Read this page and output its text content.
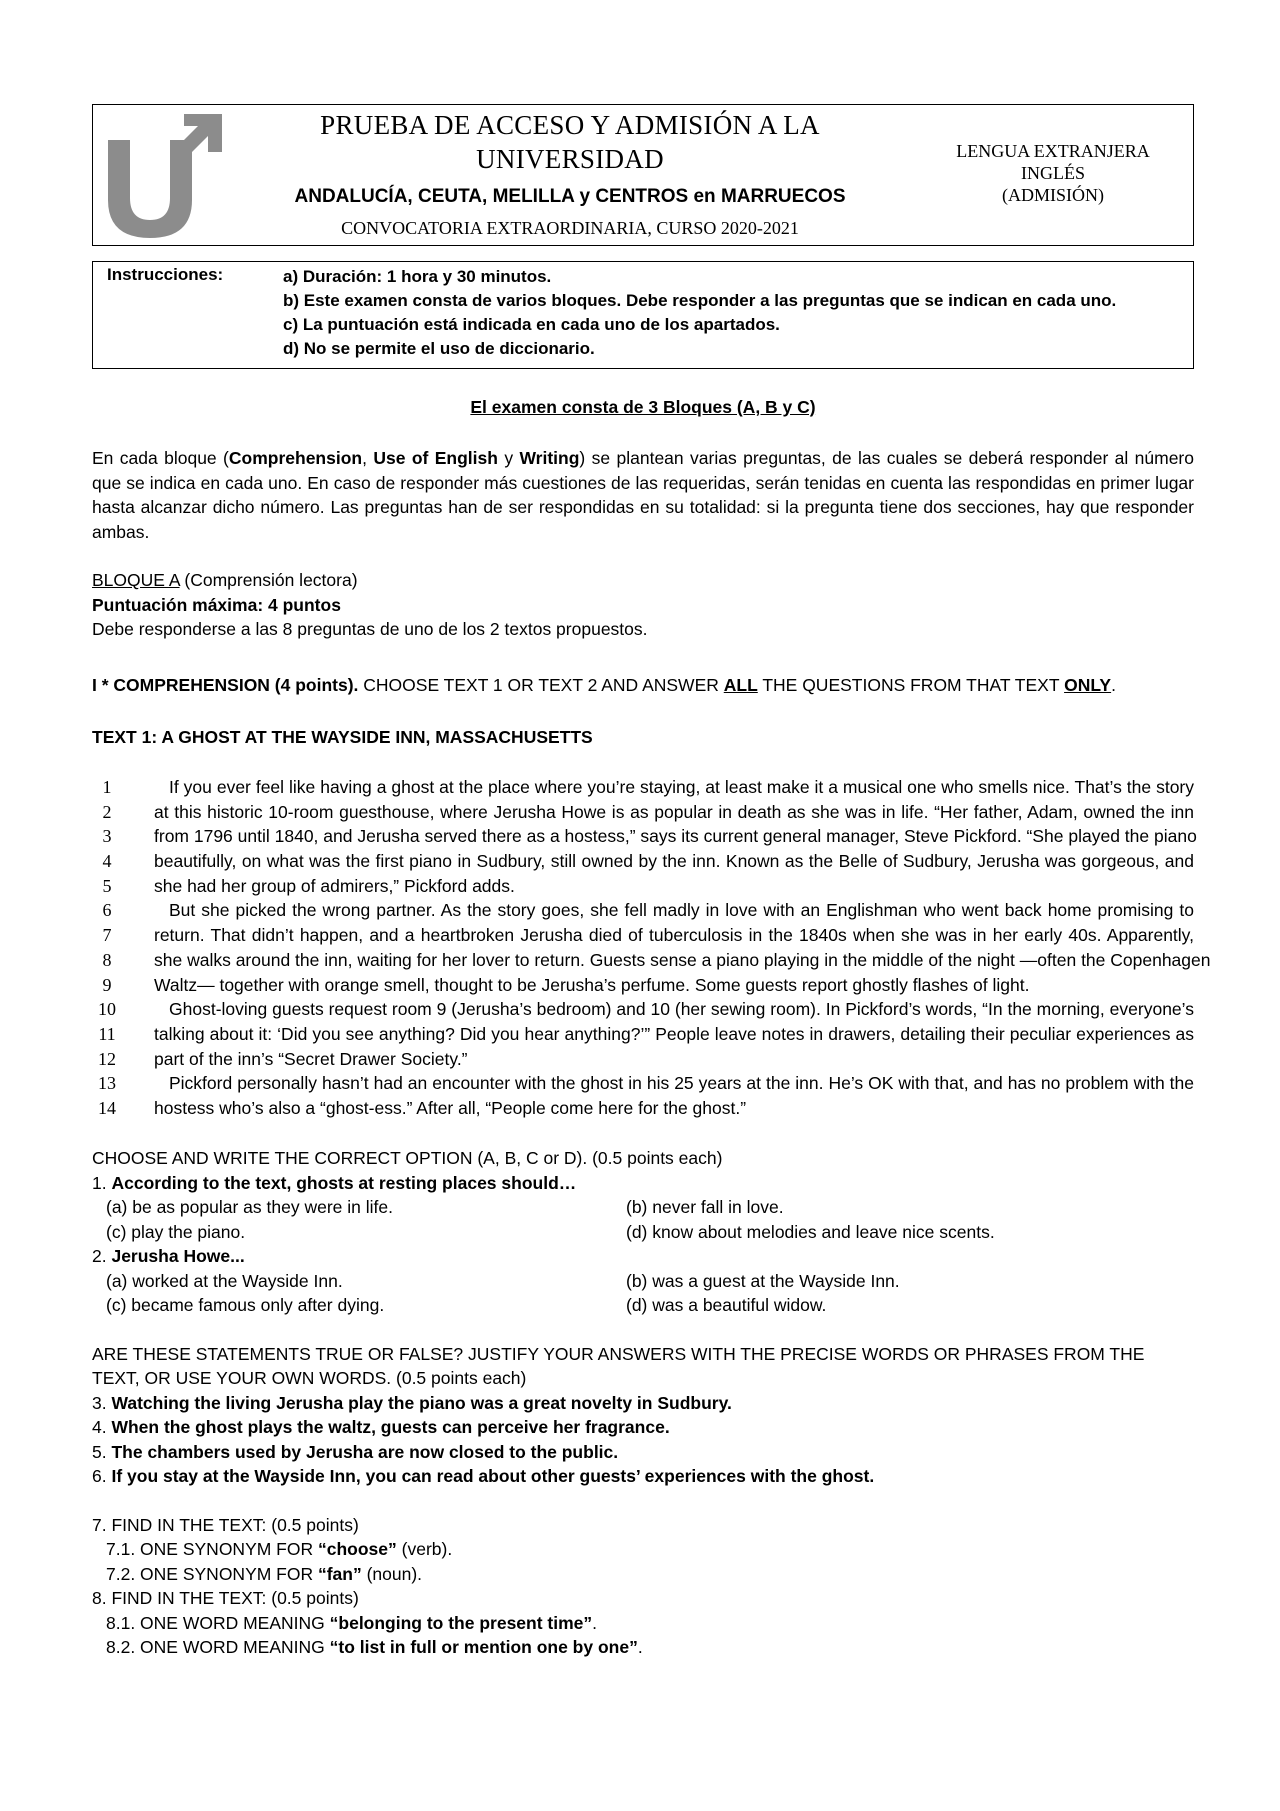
PRUEBA DE ACCESO Y ADMISIÓN A LA
UNIVERSIDAD
ANDALUCÍA, CEUTA, MELILLA y CENTROS en MARRUECOS
CONVOCATORIA EXTRAORDINARIA, CURSO 2020-2021
LENGUA EXTRANJERA
INGLÉS
(ADMISIÓN)
Instrucciones:	a) Duración: 1 hora y 30 minutos.
b) Este examen consta de varios bloques. Debe responder a las preguntas que se indican en cada uno.
c) La puntuación está indicada en cada uno de los apartados.
d) No se permite el uso de diccionario.
El examen consta de 3 Bloques (A, B y C)
En cada bloque (Comprehension, Use of English y Writing) se plantean varias preguntas, de las cuales se deberá responder al número que se indica en cada uno. En caso de responder más cuestiones de las requeridas, serán tenidas en cuenta las respondidas en primer lugar hasta alcanzar dicho número. Las preguntas han de ser respondidas en su totalidad: si la pregunta tiene dos secciones, hay que responder ambas.
BLOQUE A (Comprensión lectora)
Puntuación máxima: 4 puntos
Debe responderse a las 8 preguntas de uno de los 2 textos propuestos.
I * COMPREHENSION (4 points). CHOOSE TEXT 1 OR TEXT 2 AND ANSWER ALL THE QUESTIONS FROM THAT TEXT ONLY.
TEXT 1: A GHOST AT THE WAYSIDE INN, MASSACHUSETTS
1	If you ever feel like having a ghost at the place where you’re staying, at least make it a musical one who smells nice. That’s the story
2	at this historic 10-room guesthouse, where Jerusha Howe is as popular in death as she was in life. “Her father, Adam, owned the inn
3	from 1796 until 1840, and Jerusha served there as a hostess,” says its current general manager, Steve Pickford. “She played the piano
4	beautifully, on what was the first piano in Sudbury, still owned by the inn. Known as the Belle of Sudbury, Jerusha was gorgeous, and
5	she had her group of admirers,” Pickford adds.
6	But she picked the wrong partner. As the story goes, she fell madly in love with an Englishman who went back home promising to
7	return. That didn’t happen, and a heartbroken Jerusha died of tuberculosis in the 1840s when she was in her early 40s. Apparently,
8	she walks around the inn, waiting for her lover to return. Guests sense a piano playing in the middle of the night —often the Copenhagen
9	Waltz— together with orange smell, thought to be Jerusha’s perfume. Some guests report ghostly flashes of light.
10	Ghost-loving guests request room 9 (Jerusha’s bedroom) and 10 (her sewing room). In Pickford’s words, “In the morning, everyone’s
11	talking about it: ‘Did you see anything? Did you hear anything?’” People leave notes in drawers, detailing their peculiar experiences as
12	part of the inn’s “Secret Drawer Society.”
13	Pickford personally hasn’t had an encounter with the ghost in his 25 years at the inn. He’s OK with that, and has no problem with the
14	hostess who’s also a “ghost-ess.” After all, “People come here for the ghost.”
CHOOSE AND WRITE THE CORRECT OPTION (A, B, C or D). (0.5 points each)
1. According to the text, ghosts at resting places should…
(a) be as popular as they were in life.	(b) never fall in love.
(c) play the piano.	(d) know about melodies and leave nice scents.
2. Jerusha Howe...
(a) worked at the Wayside Inn.	(b) was a guest at the Wayside Inn.
(c) became famous only after dying.	(d) was a beautiful widow.
ARE THESE STATEMENTS TRUE OR FALSE? JUSTIFY YOUR ANSWERS WITH THE PRECISE WORDS OR PHRASES FROM THE
TEXT, OR USE YOUR OWN WORDS. (0.5 points each)
3. Watching the living Jerusha play the piano was a great novelty in Sudbury.
4. When the ghost plays the waltz, guests can perceive her fragrance.
5. The chambers used by Jerusha are now closed to the public.
6. If you stay at the Wayside Inn, you can read about other guests’ experiences with the ghost.
7. FIND IN THE TEXT: (0.5 points)
7.1. ONE SYNONYM FOR “choose” (verb).
7.2. ONE SYNONYM FOR “fan” (noun).
8. FIND IN THE TEXT: (0.5 points)
8.1. ONE WORD MEANING “belonging to the present time”.
8.2. ONE WORD MEANING “to list in full or mention one by one”.
